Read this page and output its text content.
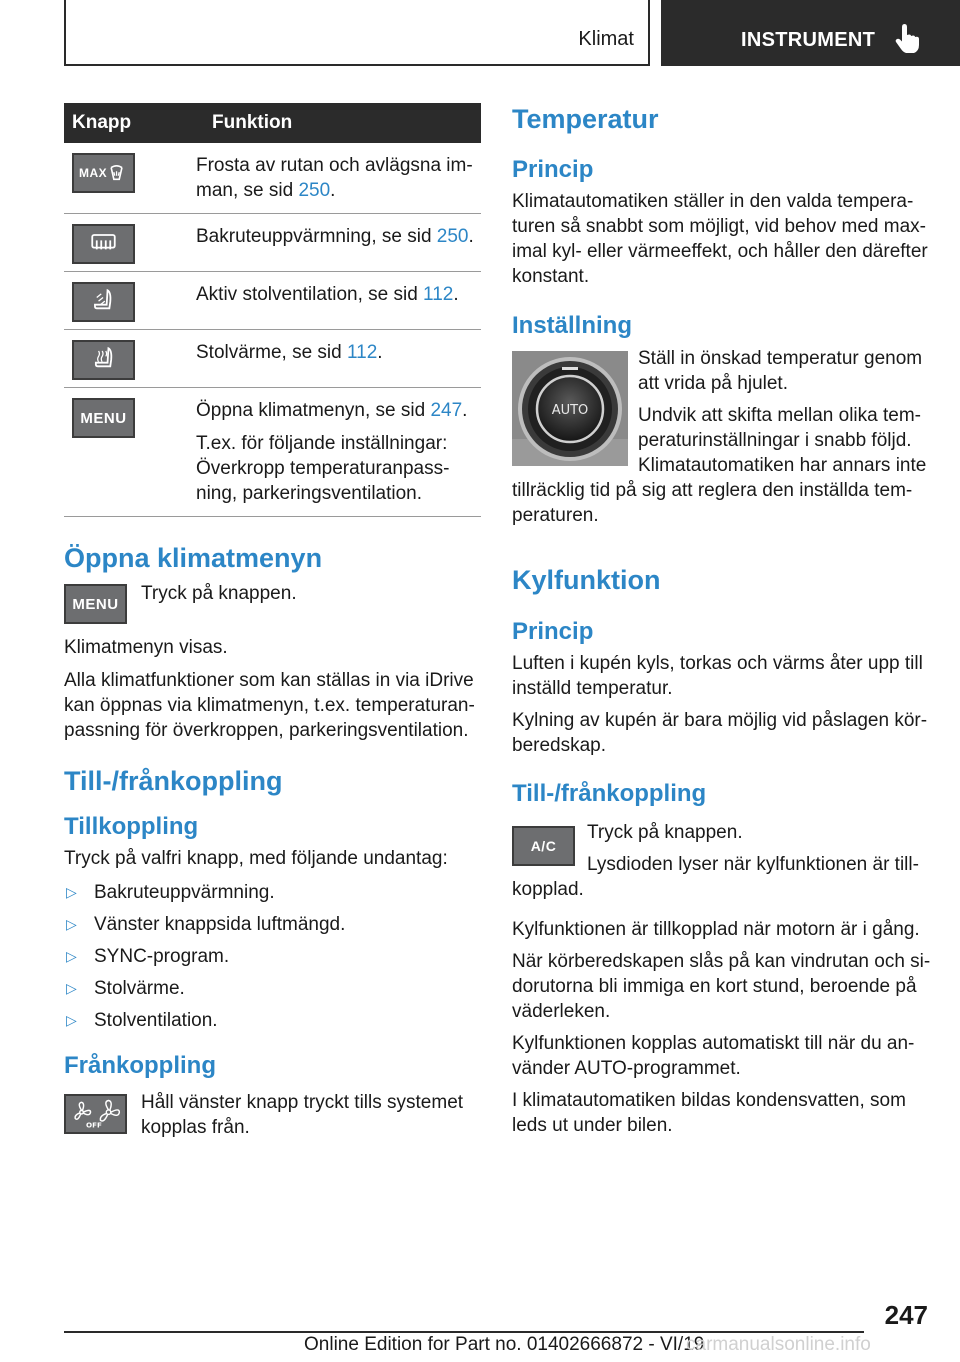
Klimat	INSTRUMENT
Knapp	Funktion

MAX	Frosta av rutan och avlägsna im-man, se sid 250.

	Bakruteuppvärmning, se sid 250.

	Aktiv stolventilation, se sid 112.

	Stolvärme, se sid 112.

MENU	Öppna klimatmenyn, se sid 247.

T.ex. för följande inställningar: Överkropp temperaturanpass-ning, parkeringsventilation.

Öppna klimatmenyn
MENU	Tryck på knappen.

Klimatmenyn visas.

Alla klimatfunktioner som kan ställas in via iDrive kan öppnas via klimatmenyn, t.ex. temperaturan-passning för överkroppen, parkeringsventilation.

Till-/frånkoppling
Tillkoppling

Tryck på valfri knapp, med följande undantag:

▷ Bakruteuppvärmning.
▷ Vänster knappsida luftmängd.
▷ SYNC-program.
▷ Stolvärme.
▷ Stolventilation.
Frånkoppling
OFF

Håll vänster knapp tryckt tills systemet kopplas från.

Temperatur
Princip

Klimatautomatiken ställer in den valda tempera-turen så snabbt som möjligt, vid behov med max-imal kyl- eller värmeeffekt, och håller den därefter konstant.

Inställning
AUTO

Ställ in önskad temperatur genom att vrida på hjulet.

Undvik att skifta mellan olika tem-peraturinställningar i snabb följd. Klimatautomatiken har annars inte tillräcklig tid på sig att reglera den inställda tem-peraturen.

Kylfunktion
Princip

Luften i kupén kyls, torkas och värms åter upp till inställd temperatur.

Kylning av kupén är bara möjlig vid påslagen kör-beredskap.

Till-/frånkoppling
A/C

Tryck på knappen.

Lysdioden lyser när kylfunktionen är till-kopplad.

Kylfunktionen är tillkopplad när motorn är i gång.

När körberedskapen slås på kan vindrutan och si-dorutorna bli immiga en kort stund, beroende på väderleken.

Kylfunktionen kopplas automatiskt till när du an-vänder AUTO-programmet.

I klimatautomatiken bildas kondensvatten, som leds ut under bilen.

247
Online Edition for Part no. 01402666872 - VI/19
carmanualsonline.info
